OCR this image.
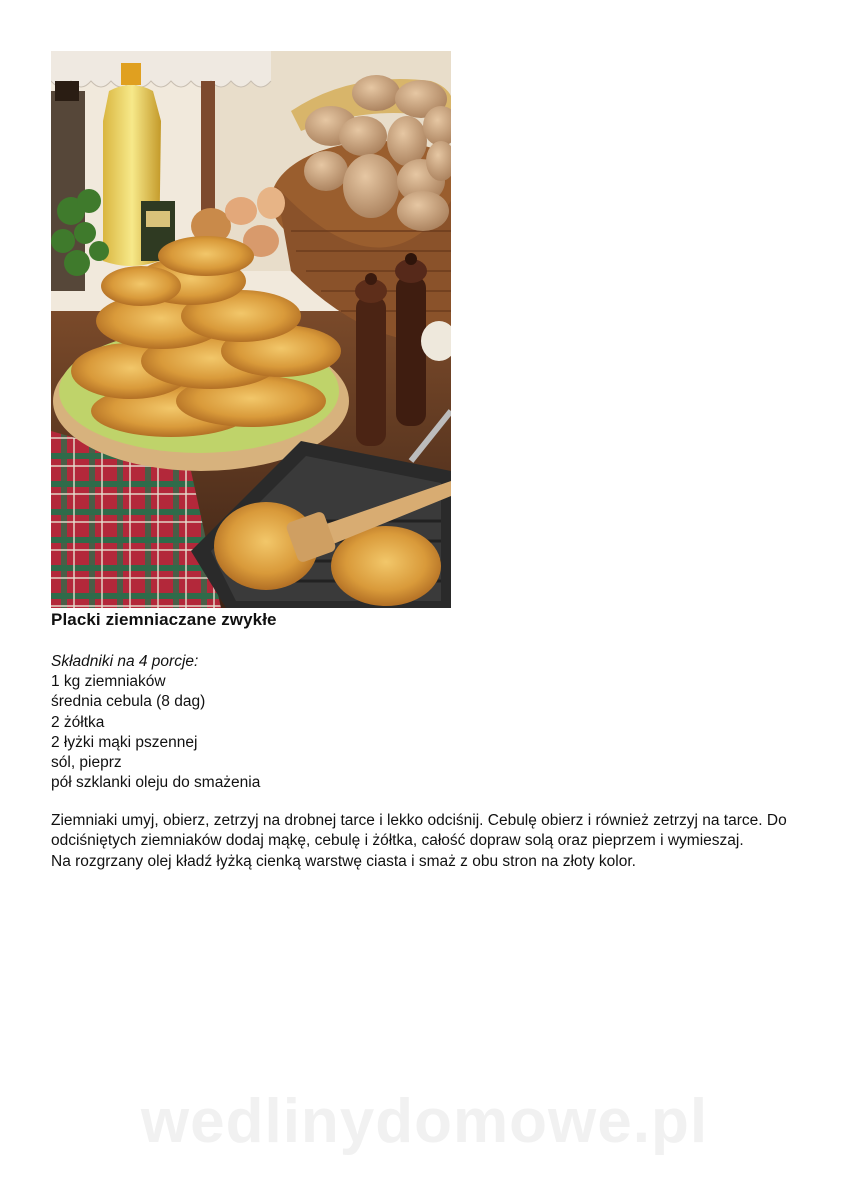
Placki ziemniaczane zwykłe
Składniki na 4 porcje:
1 kg ziemniaków
średnia cebula (8 dag)
2 żółtka
2 łyżki mąki pszennej
sól, pieprz
pół szklanki oleju do smażenia

Ziemniaki umyj, obierz, zetrzyj na drobnej tarce i lekko odciśnij. Cebulę obierz i również zetrzyj na tarce. Do odciśniętych ziemniaków dodaj mąkę, cebulę i żółtka, całość dopraw solą oraz pieprzem i wymieszaj.

Na rozgrzany olej kładź łyżką cienką warstwę ciasta i smaż z obu stron na złoty kolor.

wedlinydomowe.pl
